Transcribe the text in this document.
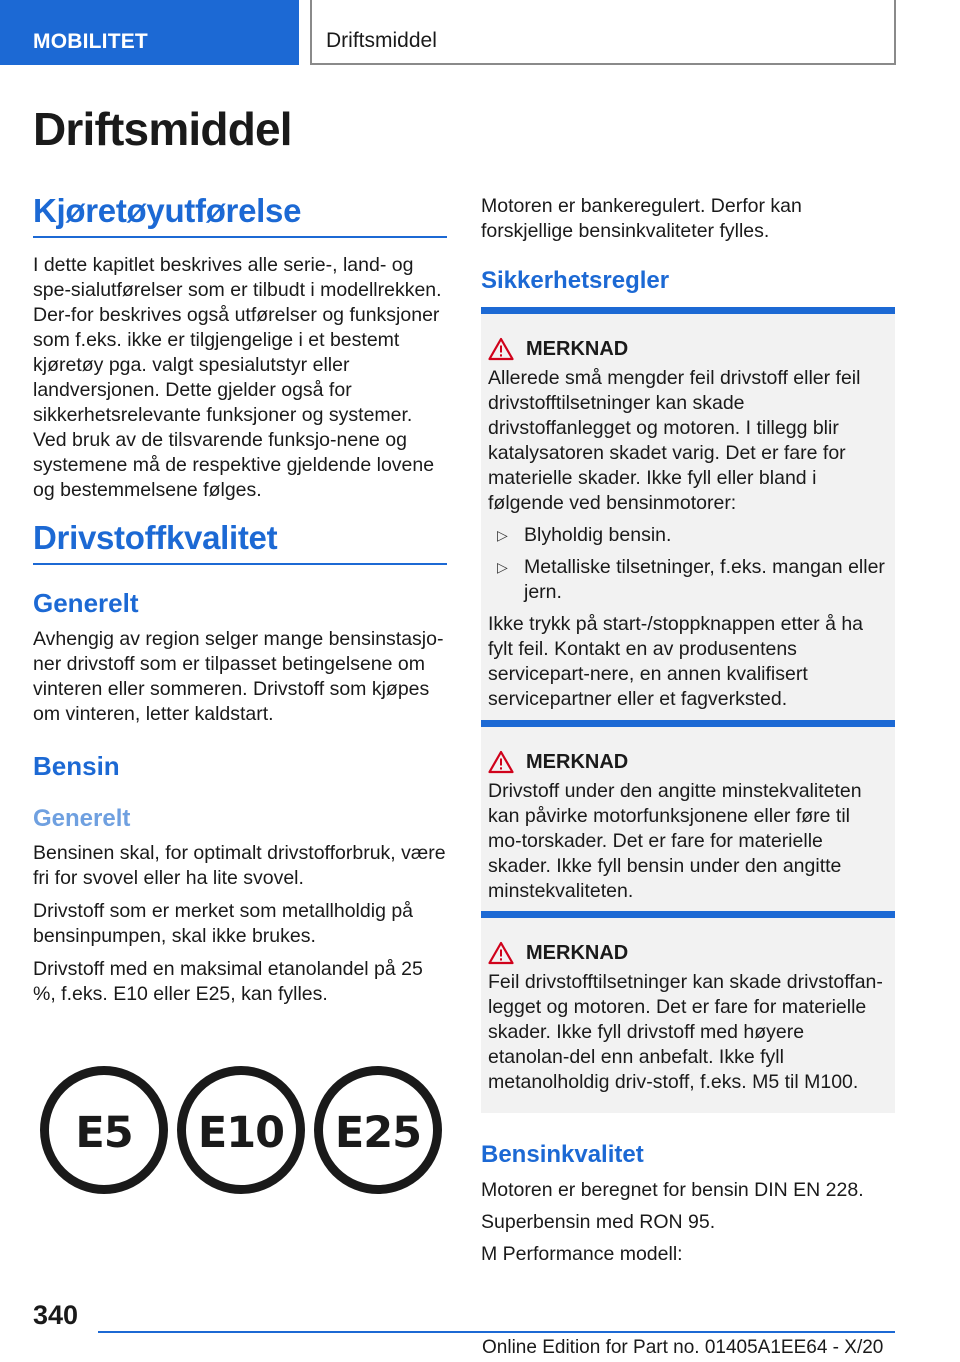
MOBILITET	Driftsmiddel
Driftsmiddel
Kjøretøyutførelse

I dette kapitlet beskrives alle serie-, land- og spe-sialutførelser som er tilbudt i modellrekken. Der-for beskrives også utførelser og funksjoner som f.eks. ikke er tilgjengelige i et bestemt kjøretøy pga. valgt spesialutstyr eller landversjonen. Dette gjelder også for sikkerhetsrelevante funksjoner og systemer. Ved bruk av de tilsvarende funksjo-nene og systemene må de respektive gjeldende lovene og bestemmelsene følges.

Drivstoffkvalitet
Generelt

Avhengig av region selger mange bensinstasjo-ner drivstoff som er tilpasset betingelsene om vinteren eller sommeren. Drivstoff som kjøpes om vinteren, letter kaldstart.

Bensin
Generelt

Bensinen skal, for optimalt drivstofforbruk, være fri for svovel eller ha lite svovel.

Drivstoff som er merket som metallholdig på bensinpumpen, skal ikke brukes.

Drivstoff med en maksimal etanolandel på 25 %, f.eks. E10 eller E25, kan fylles.

E5	E10 E25

Motoren er bankeregulert. Derfor kan forskjellige bensinkvaliteter fylles.

Sikkerhetsregler
MERKNAD

Allerede små mengder feil drivstoff eller feil drivstofftilsetninger kan skade drivstoffanlegget og motoren. I tillegg blir katalysatoren skadet varig. Det er fare for materielle skader. Ikke fyll eller bland i følgende ved bensinmotorer:

▷ Blyholdig bensin.
▷ Metalliske tilsetninger, f.eks. mangan eller jern.

Ikke trykk på start-/stoppknappen etter å ha fylt feil. Kontakt en av produsentens servicepart-nere, en annen kvalifisert servicepartner eller et fagverksted.

MERKNAD

Drivstoff under den angitte minstekvaliteten kan påvirke motorfunksjonene eller føre til mo-torskader. Det er fare for materielle skader. Ikke fyll bensin under den angitte minstekvaliteten.

MERKNAD

Feil drivstofftilsetninger kan skade drivstoffan-legget og motoren. Det er fare for materielle skader. Ikke fyll drivstoff med høyere etanolan-del enn anbefalt. Ikke fyll metanolholdig driv-stoff, f.eks. M5 til M100.

Bensinkvalitet

Motoren er beregnet for bensin DIN EN 228.

Superbensin med RON 95.

M Performance modell:

340
Online Edition for Part no. 01405A1EE64 - X/20
